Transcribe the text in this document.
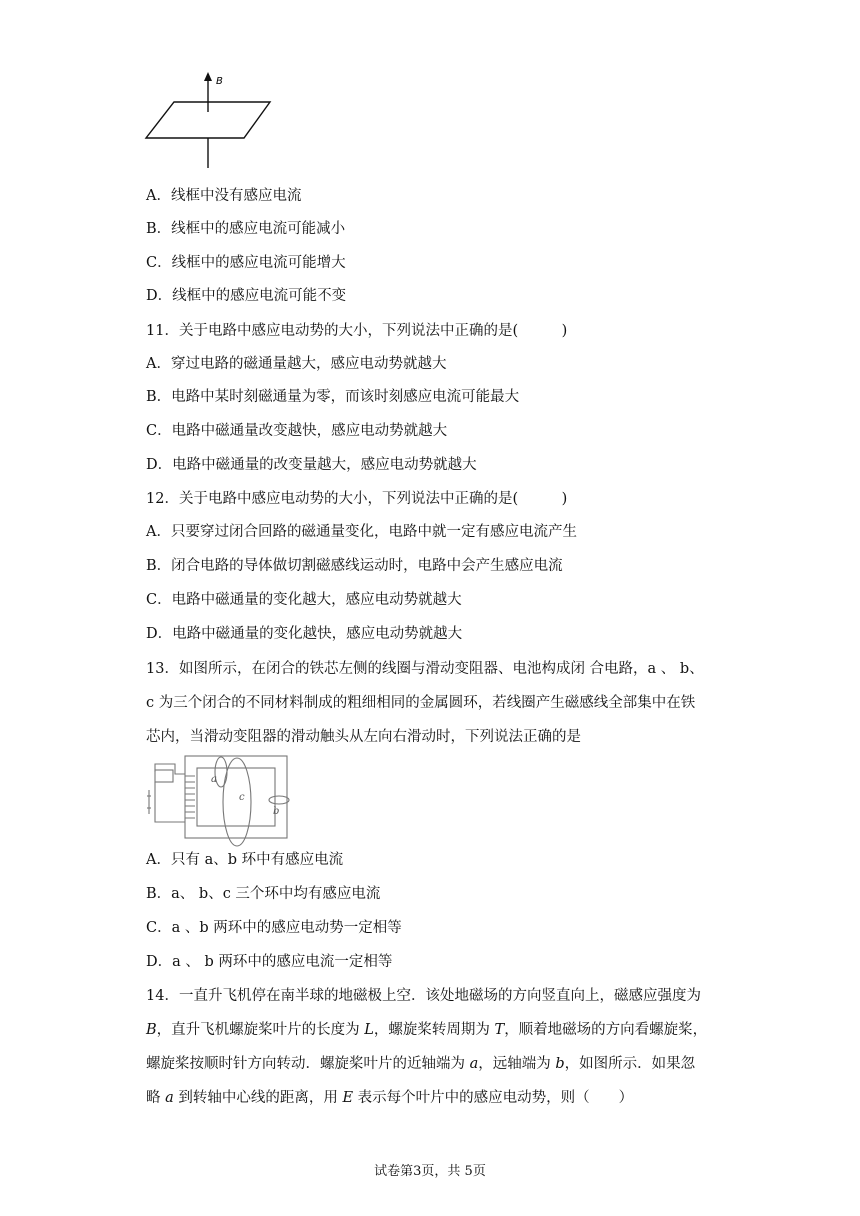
B
A．线框中没有感应电流
B．线框中的感应电流可能减小
C．线框中的感应电流可能增大
D．线框中的感应电流可能不变
11．关于电路中感应电动势的大小，下列说法中正确的是(　　　)
A．穿过电路的磁通量越大，感应电动势就越大
B．电路中某时刻磁通量为零，而该时刻感应电流可能最大
C．电路中磁通量改变越快，感应电动势就越大
D．电路中磁通量的改变量越大，感应电动势就越大
12．关于电路中感应电动势的大小，下列说法中正确的是(　　　)
A．只要穿过闭合回路的磁通量变化，电路中就一定有感应电流产生
B．闭合电路的导体做切割磁感线运动时，电路中会产生感应电流
C．电路中磁通量的变化越大，感应电动势就越大
D．电路中磁通量的变化越快，感应电动势就越大
13．如图所示，在闭合的铁芯左侧的线圈与滑动变阻器、电池构成闭 合电路，a 、 b、
c 为三个闭合的不同材料制成的粗细相同的金属圆环，若线圈产生磁感线全部集中在铁
芯内，当滑动变阻器的滑动触头从左向右滑动时，下列说法正确的是
a
c
b
A．只有 a、b 环中有感应电流
B．a、 b、c 三个环中均有感应电流
C．a 、b 两环中的感应电动势一定相等
D．a 、 b 两环中的感应电流一定相等
14．一直升飞机停在南半球的地磁极上空．该处地磁场的方向竖直向上，磁感应强度为
B，直升飞机螺旋桨叶片的长度为 L，螺旋桨转周期为 T，顺着地磁场的方向看螺旋桨，
螺旋桨按顺时针方向转动．螺旋桨叶片的近轴端为 a，远轴端为 b，如图所示．如果忽
略 a 到转轴中心线的距离，用 E 表示每个叶片中的感应电动势，则（　　）
试卷第3页，共 5页
